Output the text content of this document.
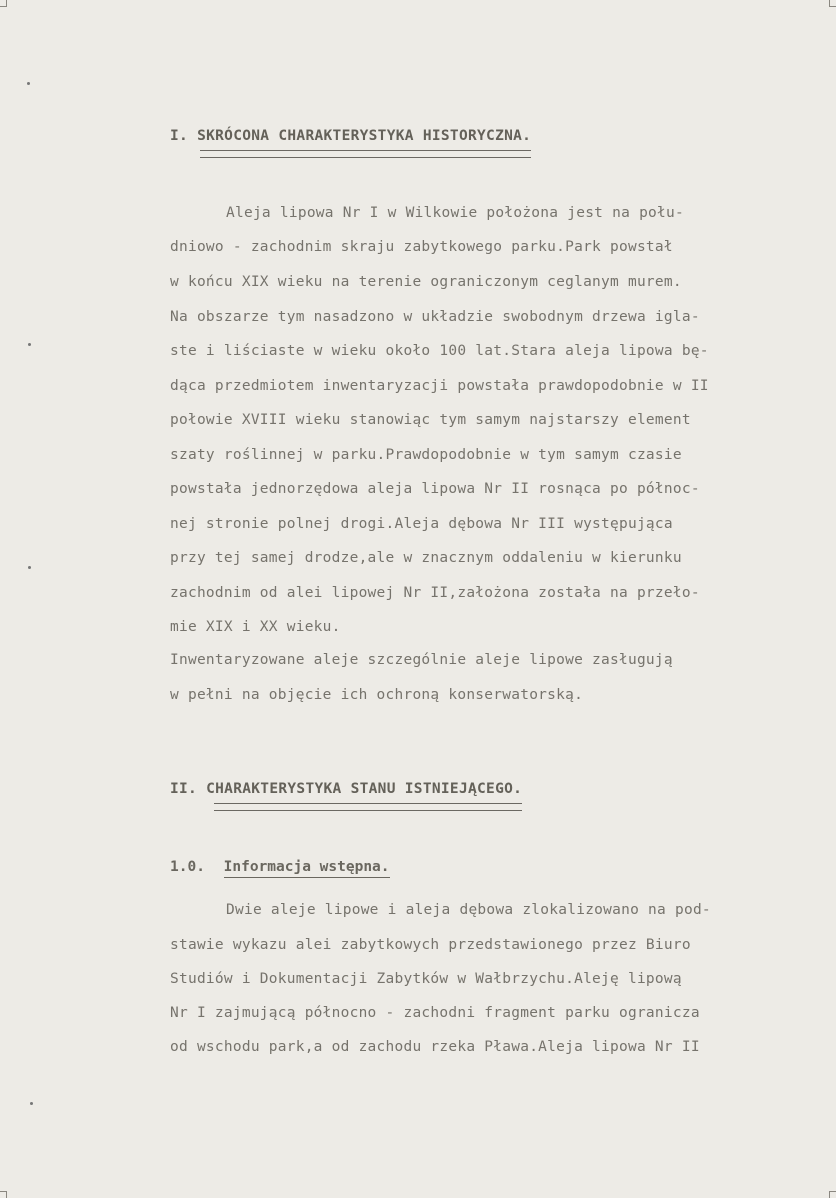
I. SKRÓCONA CHARAKTERYSTYKA HISTORYCZNA.
Aleja lipowa Nr I w Wilkowie położona jest na połu-
dniowo - zachodnim skraju zabytkowego parku.Park powstał
w końcu XIX wieku na terenie ograniczonym ceglanym murem.
Na obszarze tym nasadzono w układzie swobodnym drzewa igla-
ste i liściaste w wieku około 100 lat.Stara aleja lipowa bę-
dąca przedmiotem inwentaryzacji powstała prawdopodobnie w II
połowie XVIII wieku stanowiąc tym samym najstarszy element
szaty roślinnej w parku.Prawdopodobnie w tym samym czasie
powstała jednorzędowa aleja lipowa Nr II rosnąca po północ-
nej stronie polnej drogi.Aleja dębowa Nr III występująca
przy tej samej drodze,ale w znacznym oddaleniu w kierunku
zachodnim od alei lipowej Nr II,założona została na przeło-
mie XIX i XX wieku.
Inwentaryzowane aleje szczególnie aleje lipowe zasługują
w pełni na objęcie ich ochroną konserwatorską.
II. CHARAKTERYSTYKA STANU ISTNIEJĄCEGO.
1.0. Informacja wstępna.
Dwie aleje lipowe i aleja dębowa zlokalizowano na pod-
stawie wykazu alei zabytkowych przedstawionego przez Biuro
Studiów i Dokumentacji Zabytków w Wałbrzychu.Aleję lipową
Nr I zajmującą północno - zachodni fragment parku ogranicza
od wschodu park,a od zachodu rzeka Pława.Aleja lipowa Nr II
